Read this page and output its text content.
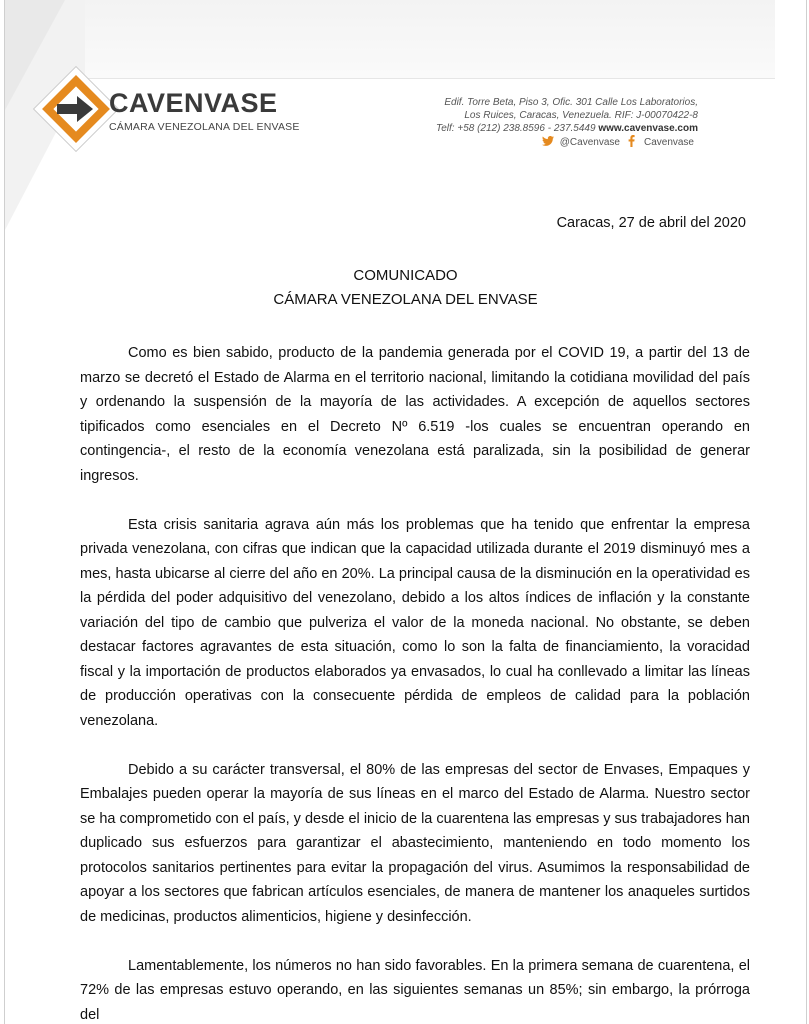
CAVENVASE
CÁMARA VENEZOLANA DEL ENVASE
Edif. Torre Beta, Piso 3, Ofic. 301 Calle Los Laboratorios,
Los Ruices, Caracas, Venezuela. RIF: J-00070422-8
Telf: +58 (212) 238.8596 - 237.5449 www.cavenvase.com
@Cavenvase Cavenvase
Caracas, 27 de abril del 2020
COMUNICADO
CÁMARA VENEZOLANA DEL ENVASE

Como es bien sabido, producto de la pandemia generada por el COVID 19, a partir del 13 de marzo se decretó el Estado de Alarma en el territorio nacional, limitando la cotidiana movilidad del país y ordenando la suspensión de la mayoría de las actividades. A excepción de aquellos sectores tipificados como esenciales en el Decreto Nº 6.519 -los cuales se encuentran operando en contingencia-, el resto de la economía venezolana está paralizada, sin la posibilidad de generar ingresos.

Esta crisis sanitaria agrava aún más los problemas que ha tenido que enfrentar la empresa privada venezolana, con cifras que indican que la capacidad utilizada durante el 2019 disminuyó mes a mes, hasta ubicarse al cierre del año en 20%. La principal causa de la disminución en la operatividad es la pérdida del poder adquisitivo del venezolano, debido a los altos índices de inflación y la constante variación del tipo de cambio que pulveriza el valor de la moneda nacional. No obstante, se deben destacar factores agravantes de esta situación, como lo son la falta de financiamiento, la voracidad fiscal y la importación de productos elaborados ya envasados, lo cual ha conllevado a limitar las líneas de producción operativas con la consecuente pérdida de empleos de calidad para la población venezolana.

Debido a su carácter transversal, el 80% de las empresas del sector de Envases, Empaques y Embalajes pueden operar la mayoría de sus líneas en el marco del Estado de Alarma. Nuestro sector se ha comprometido con el país, y desde el inicio de la cuarentena las empresas y sus trabajadores han duplicado sus esfuerzos para garantizar el abastecimiento, manteniendo en todo momento los protocolos sanitarios pertinentes para evitar la propagación del virus. Asumimos la responsabilidad de apoyar a los sectores que fabrican artículos esenciales, de manera de mantener los anaqueles surtidos de medicinas, productos alimenticios, higiene y desinfección.

Lamentablemente, los números no han sido favorables. En la primera semana de cuarentena, el 72% de las empresas estuvo operando, en las siguientes semanas un 85%; sin embargo, la prórroga del
